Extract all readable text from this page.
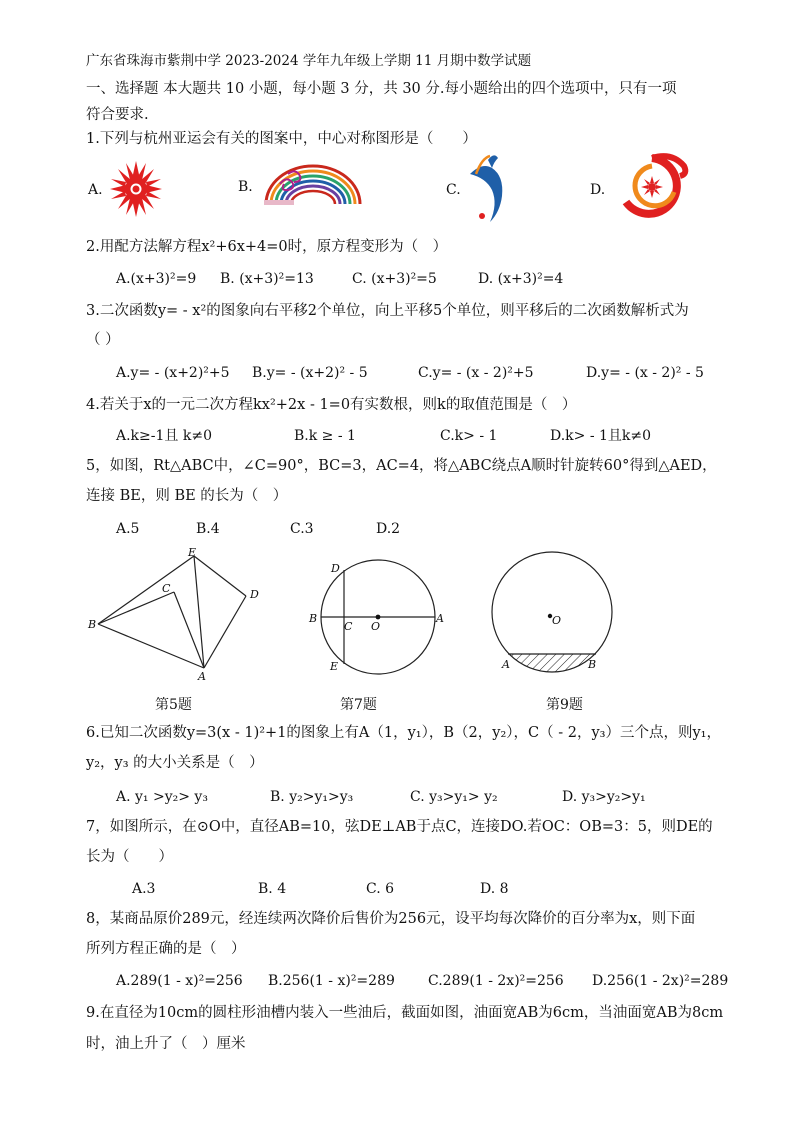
广东省珠海市紫荆中学 2023-2024 学年九年级上学期 11 月期中数学试题
一、选择题 本大题共 10 小题，每小题 3 分，共 30 分.每小题给出的四个选项中，只有一项
符合要求.
1.下列与杭州亚运会有关的图案中，中心对称图形是（　　）
A.	B.	C.	D.
2.用配方法解方程x²+6x+4=0时，原方程变形为（　）
A.(x+3)²=9 B. (x+3)²=13	C. (x+3)²=5	D. (x+3)²=4
3.二次函数y= - x²的图象向右平移2个单位，向上平移5个单位，则平移后的二次函数解析式为
（ ）
A.y= - (x+2)²+5 B.y= - (x+2)² - 5	C.y= - (x - 2)²+5	D.y= - (x - 2)² - 5
4.若关于x的一元二次方程kx²+2x - 1=0有实数根，则k的取值范围是（　）
A.k≥-1且 k≠0	B.k ≥ - 1	C.k> - 1	D.k> - 1且k≠0
5，如图，Rt△ABC中，∠C=90°，BC=3，AC=4，将△ABC绕点A顺时针旋转60°得到△AED，
连接 BE，则 BE 的长为（　）
A.5	B.4	C.3	D.2
E
C	D
B
A
第5题
D
B
C O
A
E
第7题
O
A	B
第9题
6.已知二次函数y=3(x - 1)²+1的图象上有A（1，y₁），B（2，y₂），C（ - 2，y₃）三个点，则y₁，
y₂，y₃ 的大小关系是（　）
A. y₁ >y₂> y₃	B. y₂>y₁>y₃	C. y₃>y₁> y₂	D. y₃>y₂>y₁
7，如图所示，在⊙O中，直径AB=10，弦DE⊥AB于点C，连接DO.若OC：OB=3：5，则DE的
长为（　　）
A.3	B. 4	C. 6	D. 8
8，某商品原价289元，经连续两次降价后售价为256元，设平均每次降价的百分率为x，则下面
所列方程正确的是（　）
A.289(1 - x)²=256 B.256(1 - x)²=289 C.289(1 - 2x)²=256 D.256(1 - 2x)²=289
9.在直径为10cm的圆柱形油槽内装入一些油后，截面如图，油面宽AB为6cm，当油面宽AB为8cm
时，油上升了（　）厘米
